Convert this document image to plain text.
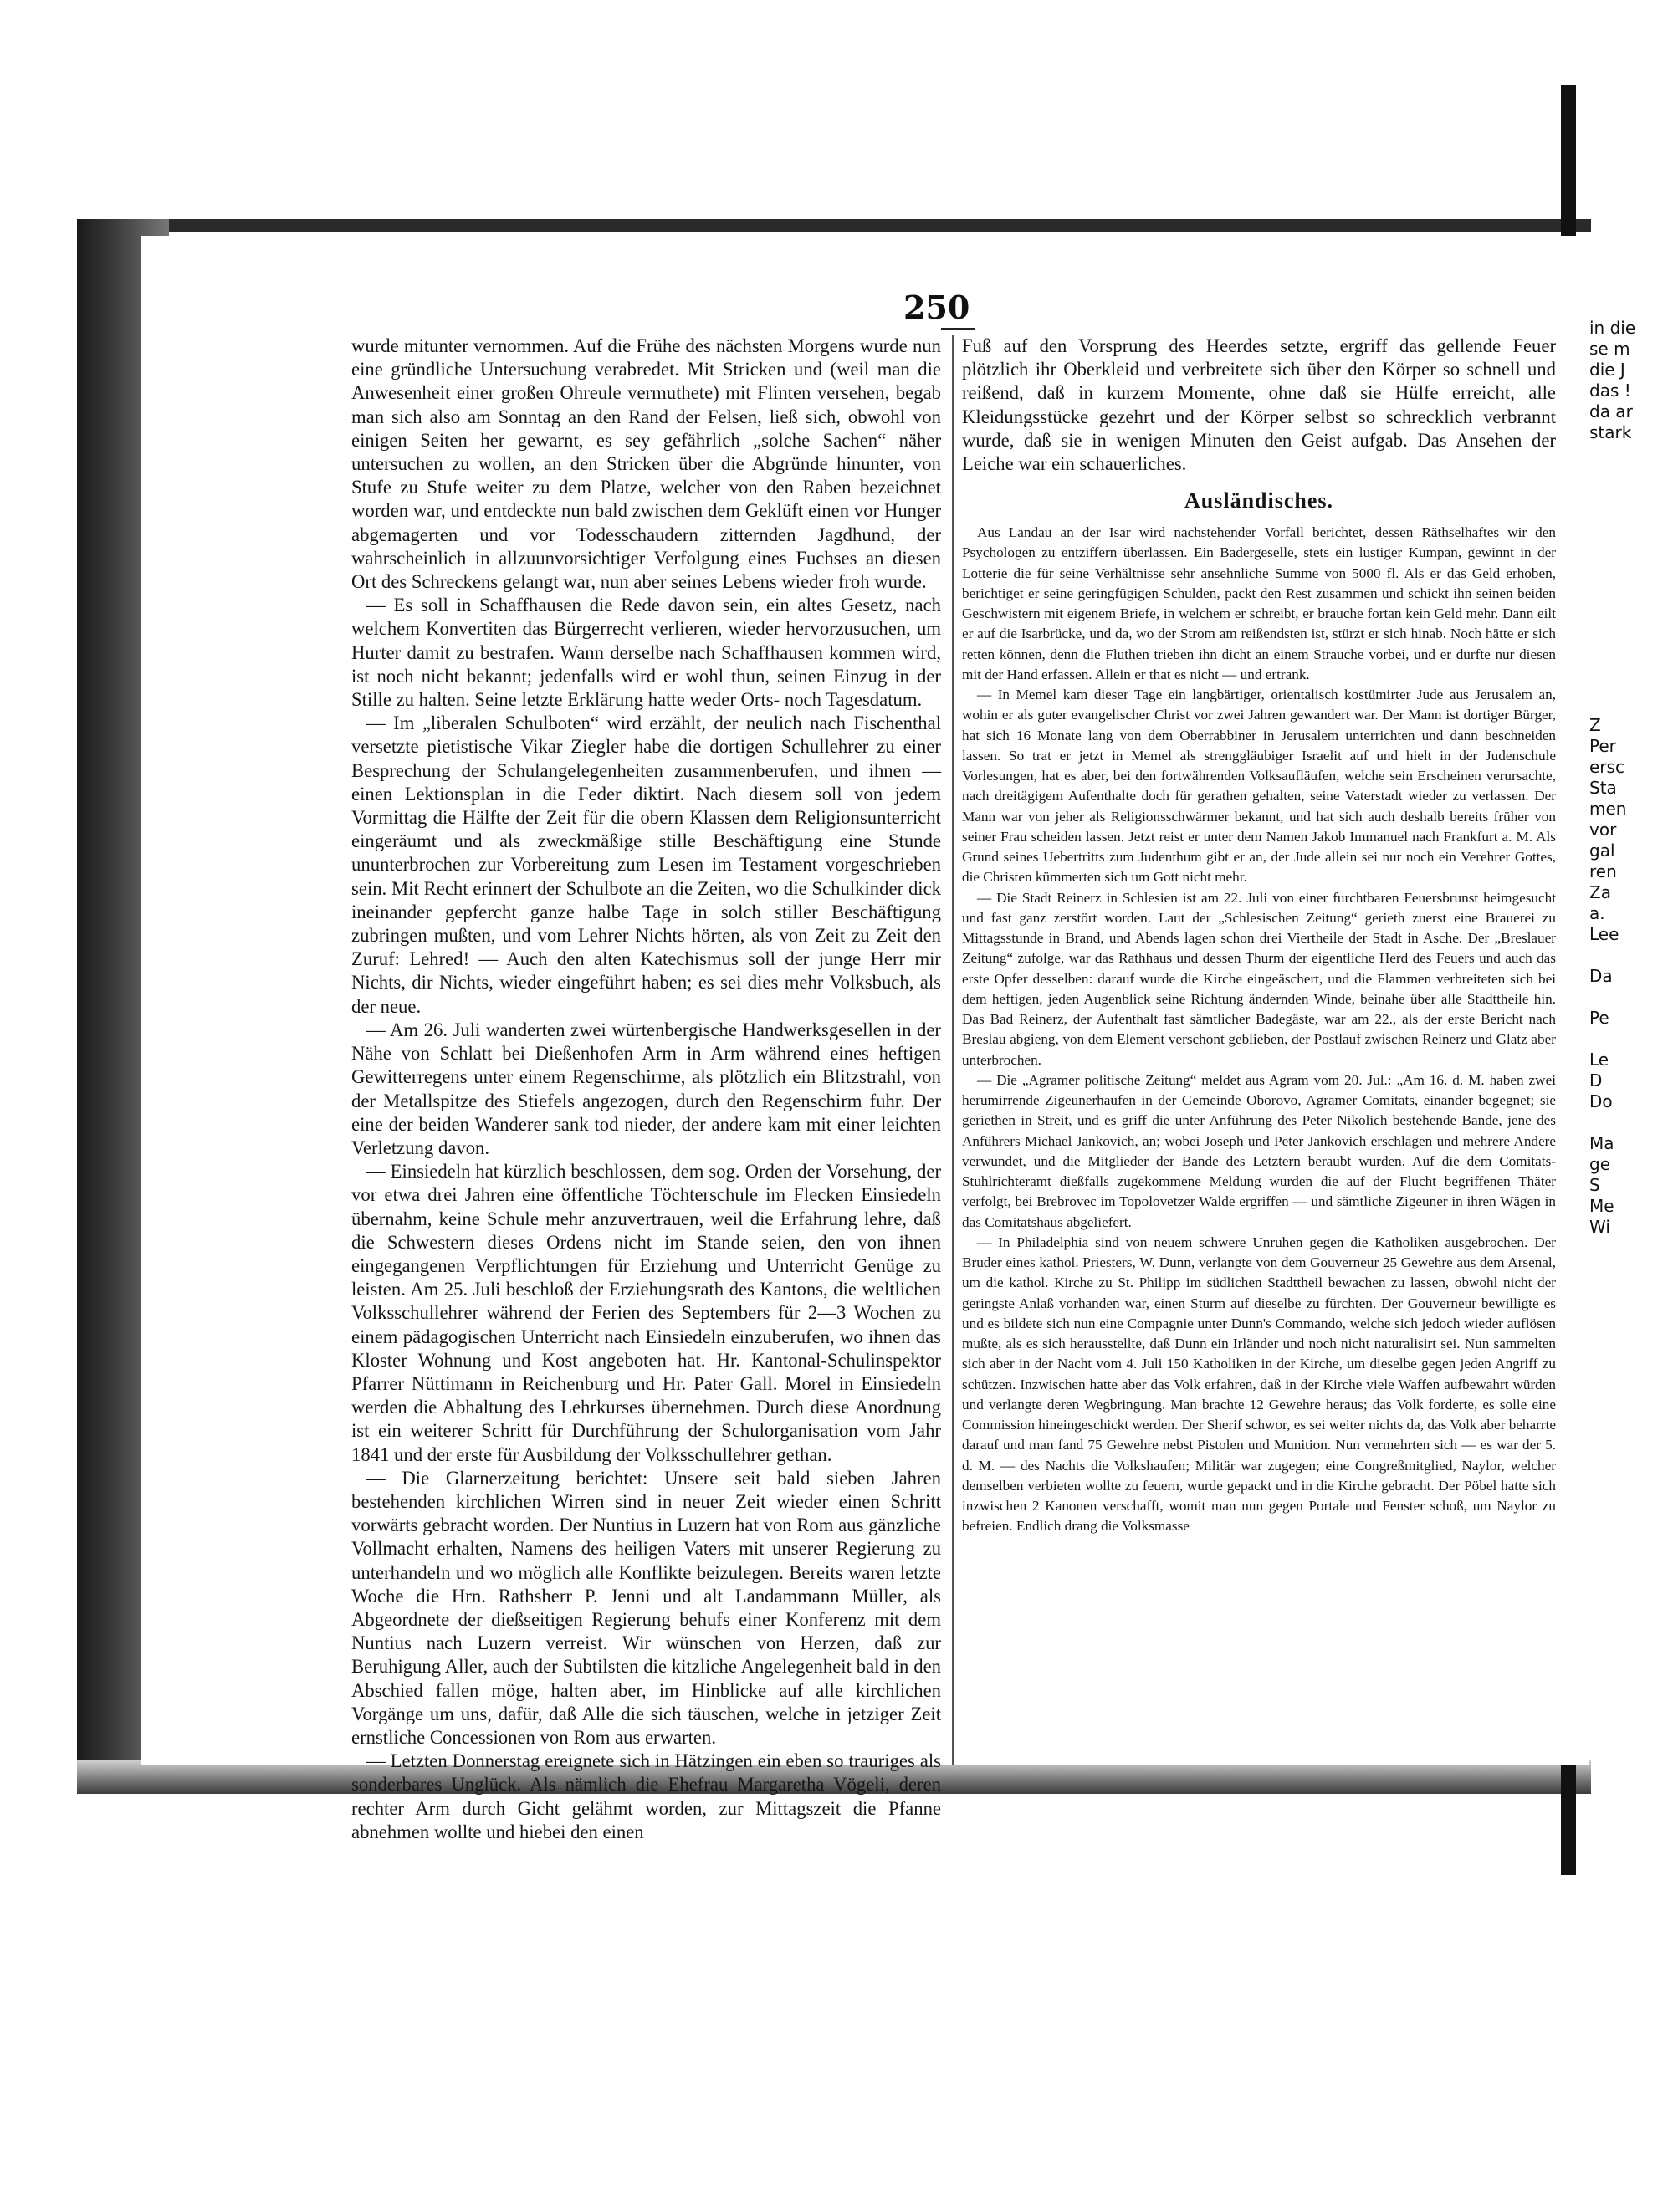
250

wurde mitunter vernommen. Auf die Frühe des nächsten Morgens wurde nun eine gründliche Untersuchung verabredet. Mit Stricken und (weil man die Anwesenheit einer großen Ohreule vermuthete) mit Flinten versehen, begab man sich also am Sonntag an den Rand der Felsen, ließ sich, obwohl von einigen Seiten her gewarnt, es sey gefährlich „solche Sachen“ näher untersuchen zu wollen, an den Stricken über die Abgründe hinunter, von Stufe zu Stufe weiter zu dem Platze, welcher von den Raben bezeichnet worden war, und entdeckte nun bald zwischen dem Geklüft einen vor Hunger abgemagerten und vor Todesschaudern zitternden Jagdhund, der wahrscheinlich in allzuunvorsichtiger Verfolgung eines Fuchses an diesen Ort des Schreckens gelangt war, nun aber seines Lebens wieder froh wurde.

— Es soll in Schaffhausen die Rede davon sein, ein altes Gesetz, nach welchem Konvertiten das Bürgerrecht verlieren, wieder hervorzusuchen, um Hurter damit zu bestrafen. Wann derselbe nach Schaffhausen kommen wird, ist noch nicht bekannt; jedenfalls wird er wohl thun, seinen Einzug in der Stille zu halten. Seine letzte Erklärung hatte weder Orts- noch Tagesdatum.

— Im „liberalen Schulboten“ wird erzählt, der neulich nach Fischenthal versetzte pietistische Vikar Ziegler habe die dortigen Schullehrer zu einer Besprechung der Schulangelegenheiten zusammenberufen, und ihnen — einen Lektionsplan in die Feder diktirt. Nach diesem soll von jedem Vormittag die Hälfte der Zeit für die obern Klassen dem Religionsunterricht eingeräumt und als zweckmäßige stille Beschäftigung eine Stunde ununterbrochen zur Vorbereitung zum Lesen im Testament vorgeschrieben sein. Mit Recht erinnert der Schulbote an die Zeiten, wo die Schulkinder dick ineinander gepfercht ganze halbe Tage in solch stiller Beschäftigung zubringen mußten, und vom Lehrer Nichts hörten, als von Zeit zu Zeit den Zuruf: Lehred! — Auch den alten Katechismus soll der junge Herr mir Nichts, dir Nichts, wieder eingeführt haben; es sei dies mehr Volksbuch, als der neue.

— Am 26. Juli wanderten zwei würtenbergische Handwerksgesellen in der Nähe von Schlatt bei Dießenhofen Arm in Arm während eines heftigen Gewitterregens unter einem Regenschirme, als plötzlich ein Blitzstrahl, von der Metallspitze des Stiefels angezogen, durch den Regenschirm fuhr. Der eine der beiden Wanderer sank tod nieder, der andere kam mit einer leichten Verletzung davon.

— Einsiedeln hat kürzlich beschlossen, dem sog. Orden der Vorsehung, der vor etwa drei Jahren eine öffentliche Töchterschule im Flecken Einsiedeln übernahm, keine Schule mehr anzuvertrauen, weil die Erfahrung lehre, daß die Schwestern dieses Ordens nicht im Stande seien, den von ihnen eingegangenen Verpflichtungen für Erziehung und Unterricht Genüge zu leisten. Am 25. Juli beschloß der Erziehungsrath des Kantons, die weltlichen Volksschullehrer während der Ferien des Septembers für 2—3 Wochen zu einem pädagogischen Unterricht nach Einsiedeln einzuberufen, wo ihnen das Kloster Wohnung und Kost angeboten hat. Hr. Kantonal-Schulinspektor Pfarrer Nüttimann in Reichenburg und Hr. Pater Gall. Morel in Einsiedeln werden die Abhaltung des Lehrkurses übernehmen. Durch diese Anordnung ist ein weiterer Schritt für Durchführung der Schulorganisation vom Jahr 1841 und der erste für Ausbildung der Volksschullehrer gethan.

— Die Glarnerzeitung berichtet: Unsere seit bald sieben Jahren bestehenden kirchlichen Wirren sind in neuer Zeit wieder einen Schritt vorwärts gebracht worden. Der Nuntius in Luzern hat von Rom aus gänzliche Vollmacht erhalten, Namens des heiligen Vaters mit unserer Regierung zu unterhandeln und wo möglich alle Konflikte beizulegen. Bereits waren letzte Woche die Hrn. Rathsherr P. Jenni und alt Landammann Müller, als Abgeordnete der dießseitigen Regierung behufs einer Konferenz mit dem Nuntius nach Luzern verreist. Wir wünschen von Herzen, daß zur Beruhigung Aller, auch der Subtilsten die kitzliche Angelegenheit bald in den Abschied fallen möge, halten aber, im Hinblicke auf alle kirchlichen Vorgänge um uns, dafür, daß Alle die sich täuschen, welche in jetziger Zeit ernstliche Concessionen von Rom aus erwarten.

— Letzten Donnerstag ereignete sich in Hätzingen ein eben so trauriges als sonderbares Unglück. Als nämlich die Ehefrau Margaretha Vögeli, deren rechter Arm durch Gicht gelähmt worden, zur Mittagszeit die Pfanne abnehmen wollte und hiebei den einen

Fuß auf den Vorsprung des Heerdes setzte, ergriff das gellende Feuer plötzlich ihr Oberkleid und verbreitete sich über den Körper so schnell und reißend, daß in kurzem Momente, ohne daß sie Hülfe erreicht, alle Kleidungsstücke gezehrt und der Körper selbst so schrecklich verbrannt wurde, daß sie in wenigen Minuten den Geist aufgab. Das Ansehen der Leiche war ein schauerliches.

Ausländisches.

Aus Landau an der Isar wird nachstehender Vorfall berichtet, dessen Räthselhaftes wir den Psychologen zu entziffern überlassen. Ein Badergeselle, stets ein lustiger Kumpan, gewinnt in der Lotterie die für seine Verhältnisse sehr ansehnliche Summe von 5000 fl. Als er das Geld erhoben, berichtiget er seine geringfügigen Schulden, packt den Rest zusammen und schickt ihn seinen beiden Geschwistern mit eigenem Briefe, in welchem er schreibt, er brauche fortan kein Geld mehr. Dann eilt er auf die Isarbrücke, und da, wo der Strom am reißendsten ist, stürzt er sich hinab. Noch hätte er sich retten können, denn die Fluthen trieben ihn dicht an einem Strauche vorbei, und er durfte nur diesen mit der Hand erfassen. Allein er that es nicht — und ertrank.

— In Memel kam dieser Tage ein langbärtiger, orientalisch kostümirter Jude aus Jerusalem an, wohin er als guter evangelischer Christ vor zwei Jahren gewandert war. Der Mann ist dortiger Bürger, hat sich 16 Monate lang von dem Oberrabbiner in Jerusalem unterrichten und dann beschneiden lassen. So trat er jetzt in Memel als strenggläubiger Israelit auf und hielt in der Judenschule Vorlesungen, hat es aber, bei den fortwährenden Volksaufläufen, welche sein Erscheinen verursachte, nach dreitägigem Aufenthalte doch für gerathen gehalten, seine Vaterstadt wieder zu verlassen. Der Mann war von jeher als Religionsschwärmer bekannt, und hat sich auch deshalb bereits früher von seiner Frau scheiden lassen. Jetzt reist er unter dem Namen Jakob Immanuel nach Frankfurt a. M. Als Grund seines Uebertritts zum Judenthum gibt er an, der Jude allein sei nur noch ein Verehrer Gottes, die Christen kümmerten sich um Gott nicht mehr.

— Die Stadt Reinerz in Schlesien ist am 22. Juli von einer furchtbaren Feuersbrunst heimgesucht und fast ganz zerstört worden. Laut der „Schlesischen Zeitung“ gerieth zuerst eine Brauerei zu Mittagsstunde in Brand, und Abends lagen schon drei Viertheile der Stadt in Asche. Der „Breslauer Zeitung“ zufolge, war das Rathhaus und dessen Thurm der eigentliche Herd des Feuers und auch das erste Opfer desselben: darauf wurde die Kirche eingeäschert, und die Flammen verbreiteten sich bei dem heftigen, jeden Augenblick seine Richtung ändernden Winde, beinahe über alle Stadttheile hin. Das Bad Reinerz, der Aufenthalt fast sämtlicher Badegäste, war am 22., als der erste Bericht nach Breslau abgieng, von dem Element verschont geblieben, der Postlauf zwischen Reinerz und Glatz aber unterbrochen.

— Die „Agramer politische Zeitung“ meldet aus Agram vom 20. Jul.: „Am 16. d. M. haben zwei herumirrende Zigeunerhaufen in der Gemeinde Oborovo, Agramer Comitats, einander begegnet; sie geriethen in Streit, und es griff die unter Anführung des Peter Nikolich bestehende Bande, jene des Anführers Michael Jankovich, an; wobei Joseph und Peter Jankovich erschlagen und mehrere Andere verwundet, und die Mitglieder der Bande des Letztern beraubt wurden. Auf die dem Comitats-Stuhlrichteramt dießfalls zugekommene Meldung wurden die auf der Flucht begriffenen Thäter verfolgt, bei Brebrovec im Topolovetzer Walde ergriffen — und sämtliche Zigeuner in ihren Wägen in das Comitatshaus abgeliefert.

— In Philadelphia sind von neuem schwere Unruhen gegen die Katholiken ausgebrochen. Der Bruder eines kathol. Priesters, W. Dunn, verlangte von dem Gouverneur 25 Gewehre aus dem Arsenal, um die kathol. Kirche zu St. Philipp im südlichen Stadttheil bewachen zu lassen, obwohl nicht der geringste Anlaß vorhanden war, einen Sturm auf dieselbe zu fürchten. Der Gouverneur bewilligte es und es bildete sich nun eine Compagnie unter Dunn's Commando, welche sich jedoch wieder auflösen mußte, als es sich herausstellte, daß Dunn ein Irländer und noch nicht naturalisirt sei. Nun sammelten sich aber in der Nacht vom 4. Juli 150 Katholiken in der Kirche, um dieselbe gegen jeden Angriff zu schützen. Inzwischen hatte aber das Volk erfahren, daß in der Kirche viele Waffen aufbewahrt würden und verlangte deren Wegbringung. Man brachte 12 Gewehre heraus; das Volk forderte, es solle eine Commission hineingeschickt werden. Der Sherif schwor, es sei weiter nichts da, das Volk aber beharrte darauf und man fand 75 Gewehre nebst Pistolen und Munition. Nun vermehrten sich — es war der 5. d. M. — des Nachts die Volkshaufen; Militär war zugegen; eine Congreßmitglied, Naylor, welcher demselben verbieten wollte zu feuern, wurde gepackt und in die Kirche gebracht. Der Pöbel hatte sich inzwischen 2 Kanonen verschafft, womit man nun gegen Portale und Fenster schoß, um Naylor zu befreien. Endlich drang die Volksmasse

in die
se m
die J
das !
da ar
stark

Z
Per
ersc
Sta
men
vor
gal
ren
Za
a.
Lee

Da

Pe

Le
D
Do

Ma
ge
S
Me
Wi
